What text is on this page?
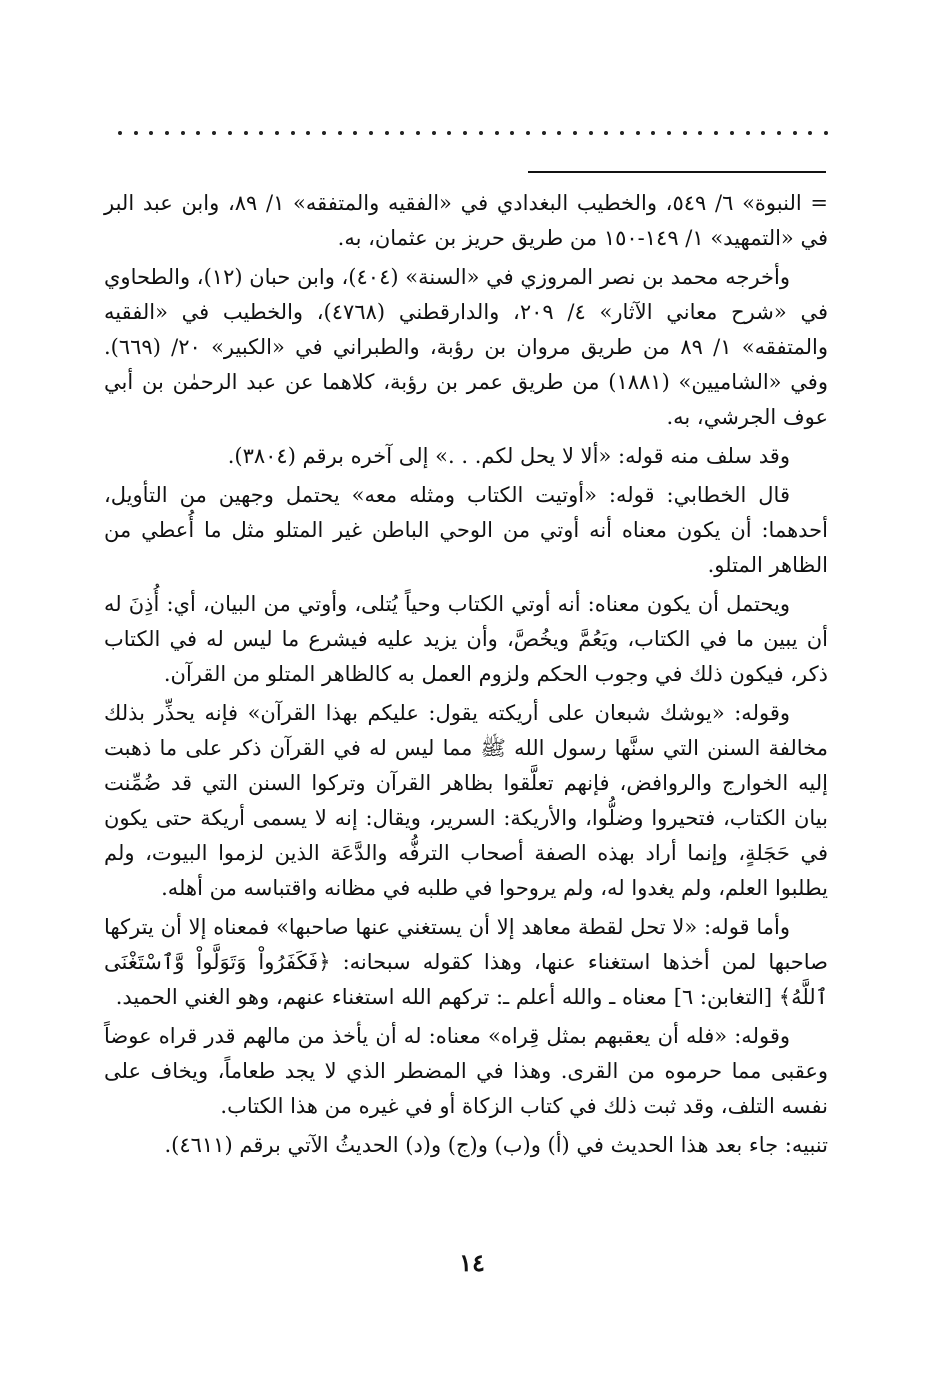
= النبوة» ٦/ ٥٤٩، والخطيب البغدادي في «الفقيه والمتفقه» ١/ ٨٩، وابن عبد البر في «التمهيد» ١/ ١٤٩-١٥٠ من طريق حريز بن عثمان، به.

وأخرجه محمد بن نصر المروزي في «السنة» (٤٠٤)، وابن حبان (١٢)، والطحاوي في «شرح معاني الآثار» ٤/ ٢٠٩، والدارقطني (٤٧٦٨)، والخطيب في «الفقيه والمتفقه» ١/ ٨٩ من طريق مروان بن رؤبة، والطبراني في «الكبير» ٢٠/ (٦٦٩). وفي «الشاميين» (١٨٨١) من طريق عمر بن رؤبة، كلاهما عن عبد الرحمٰن بن أبي عوف الجرشي، به.

وقد سلف منه قوله: «ألا لا يحل لكم. . .» إلى آخره برقم (٣٨٠٤).

قال الخطابي: قوله: «أوتيت الكتاب ومثله معه» يحتمل وجهين من التأويل، أحدهما: أن يكون معناه أنه أوتي من الوحي الباطن غير المتلو مثل ما أُعطي من الظاهر المتلو.

ويحتمل أن يكون معناه: أنه أوتي الكتاب وحياً يُتلى، وأوتي من البيان، أي: أُذِنَ له أن يبين ما في الكتاب، ويَعُمَّ ويخُصَّ، وأن يزيد عليه فيشرع ما ليس له في الكتاب ذكر، فيكون ذلك في وجوب الحكم ولزوم العمل به كالظاهر المتلو من القرآن.

وقوله: «يوشك شبعان على أريكته يقول: عليكم بهذا القرآن» فإنه يحذِّر بذلك مخالفة السنن التي سنَّها رسول الله ﷺ مما ليس له في القرآن ذكر على ما ذهبت إليه الخوارج والروافض، فإنهم تعلَّقوا بظاهر القرآن وتركوا السنن التي قد ضُمِّنت بيان الكتاب، فتحيروا وضلُّوا، والأريكة: السرير، ويقال: إنه لا يسمى أريكة حتى يكون في حَجَلةٍ، وإنما أراد بهذه الصفة أصحاب الترفُّه والدَّعَة الذين لزموا البيوت، ولم يطلبوا العلم، ولم يغدوا له، ولم يروحوا في طلبه في مظانه واقتباسه من أهله.

وأما قوله: «لا تحل لقطة معاهد إلا أن يستغني عنها صاحبها» فمعناه إلا أن يتركها صاحبها لمن أخذها استغناء عنها، وهذا كقوله سبحانه: ﴿فَكَفَرُواْ وَتَوَلَّواْ وَّٱسْتَغْنَى ٱللَّهُ﴾ [التغابن: ٦] معناه ـ والله أعلم ـ: تركهم الله استغناء عنهم، وهو الغني الحميد.

وقوله: «فله أن يعقبهم بمثل قِراه» معناه: له أن يأخذ من مالهم قدر قراه عوضاً وعقبى مما حرموه من القرى. وهذا في المضطر الذي لا يجد طعاماً، ويخاف على نفسه التلف، وقد ثبت ذلك في كتاب الزكاة أو في غيره من هذا الكتاب.

تنبيه: جاء بعد هذا الحديث في (أ) و(ب) و(ج) و(د) الحديثُ الآتي برقم (٤٦١١).

١٤
